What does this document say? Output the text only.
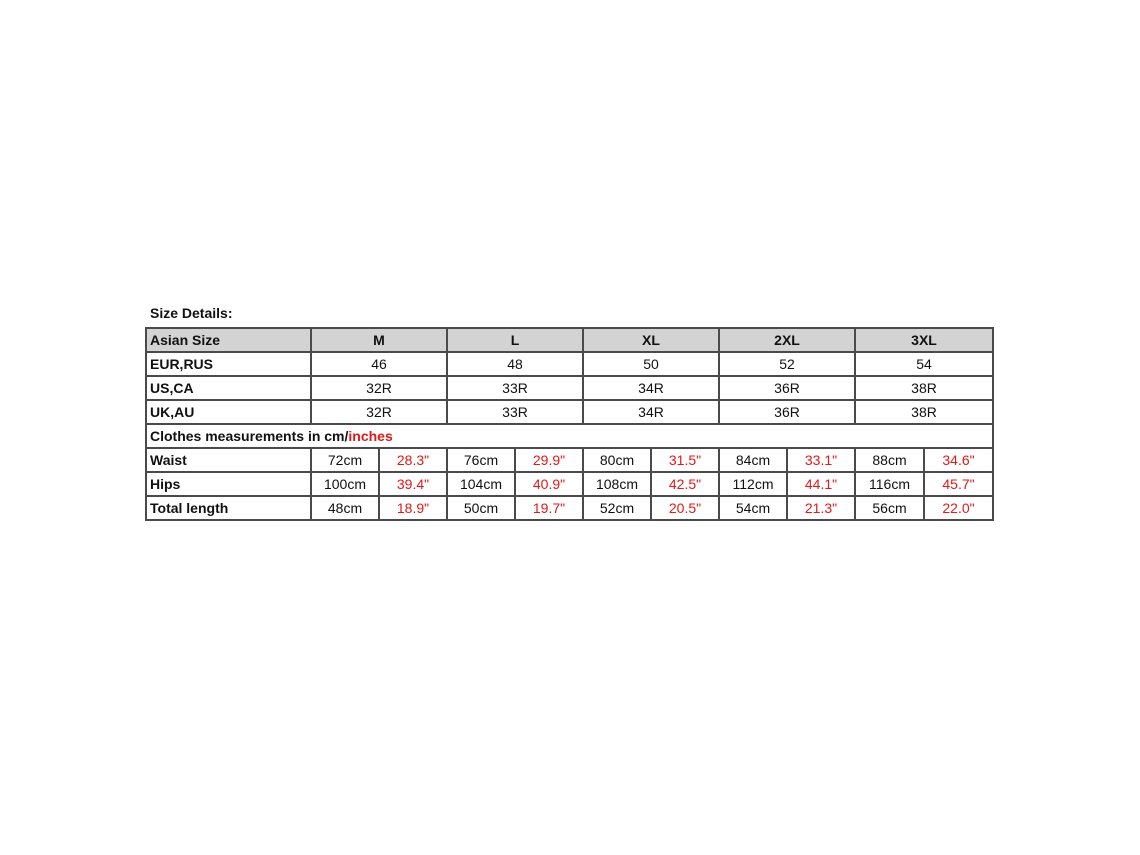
Size Details:
Asian Size	M		L		XL		2XL		3XL	
EUR,RUS	46		48		50		52		54	
US,CA	32R		33R		34R		36R		38R	
UK,AU	32R		33R		34R		36R		38R	
Clothes measurements in cm/inches										
Waist	72cm	28.3"	76cm	29.9"	80cm	31.5"	84cm	33.1"	88cm	34.6"
Hips	100cm	39.4"	104cm	40.9"	108cm	42.5"	112cm	44.1"	116cm	45.7"
Total length	48cm	18.9"	50cm	19.7"	52cm	20.5"	54cm	21.3"	56cm	22.0"
